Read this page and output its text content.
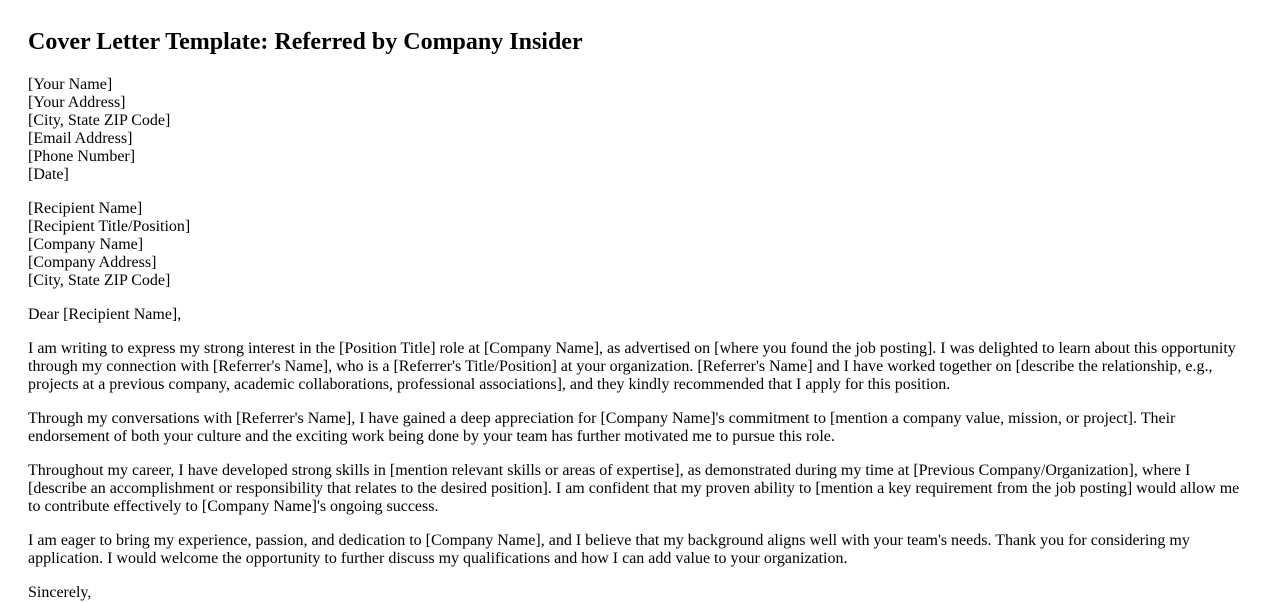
Cover Letter Template: Referred by Company Insider
[Your Name]
[Your Address]
[City, State ZIP Code]
[Email Address]
[Phone Number]
[Date]
[Recipient Name]
[Recipient Title/Position]
[Company Name]
[Company Address]
[City, State ZIP Code]

Dear [Recipient Name],

I am writing to express my strong interest in the [Position Title] role at [Company Name], as advertised on [where you found the job posting]. I was delighted to learn about this opportunity through my connection with [Referrer's Name], who is a [Referrer's Title/Position] at your organization. [Referrer's Name] and I have worked together on [describe the relationship, e.g., projects at a previous company, academic collaborations, professional associations], and they kindly recommended that I apply for this position.

Through my conversations with [Referrer's Name], I have gained a deep appreciation for [Company Name]'s commitment to [mention a company value, mission, or project]. Their endorsement of both your culture and the exciting work being done by your team has further motivated me to pursue this role.

Throughout my career, I have developed strong skills in [mention relevant skills or areas of expertise], as demonstrated during my time at [Previous Company/Organization], where I [describe an accomplishment or responsibility that relates to the desired position]. I am confident that my proven ability to [mention a key requirement from the job posting] would allow me to contribute effectively to [Company Name]'s ongoing success.

I am eager to bring my experience, passion, and dedication to [Company Name], and I believe that my background aligns well with your team's needs. Thank you for considering my application. I would welcome the opportunity to further discuss my qualifications and how I can add value to your organization.

Sincerely,
